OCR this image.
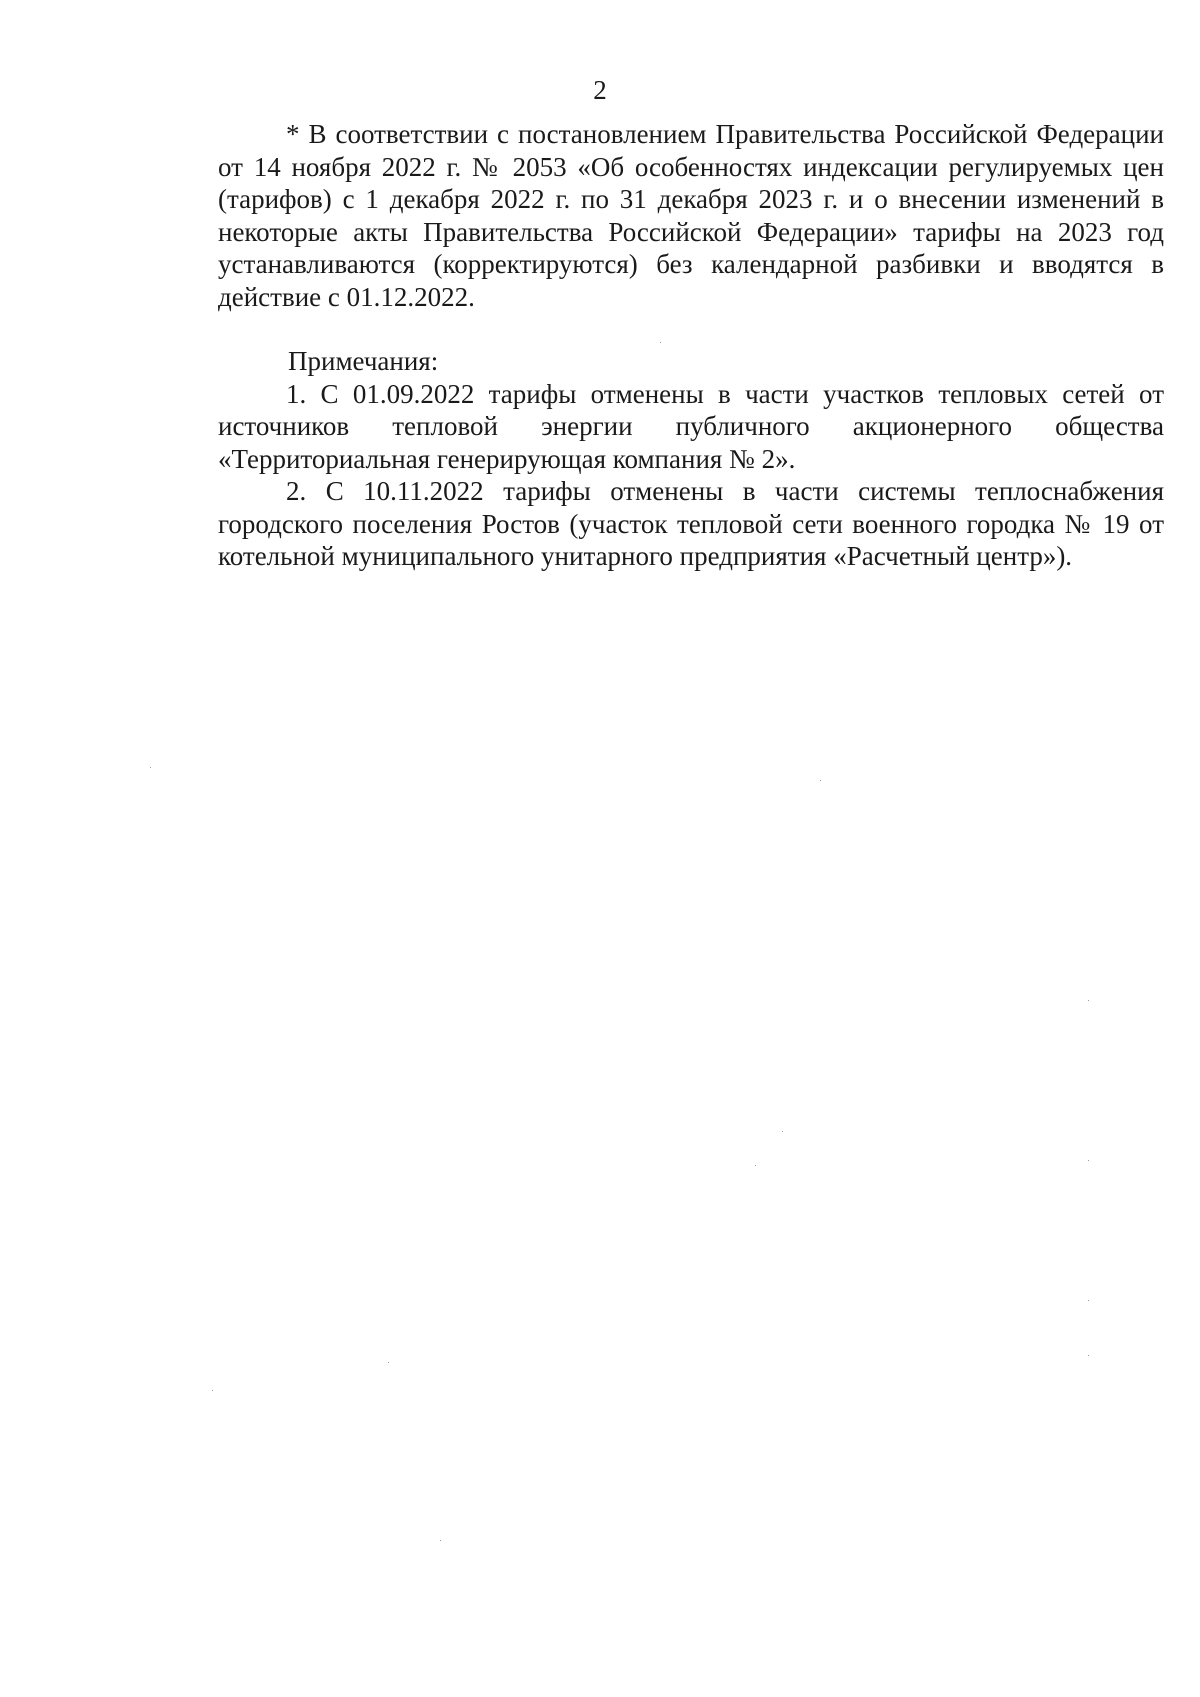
2

* В соответствии с постановлением Правительства Российской Федерации от 14 ноября 2022 г. № 2053 «Об особенностях индексации регулируемых цен (тарифов) с 1 декабря 2022 г. по 31 декабря 2023 г. и о внесении изменений в некоторые акты Правительства Российской Федерации» тарифы на 2023 год устанавливаются (корректируются) без календарной разбивки и вводятся в действие с 01.12.2022.

Примечания:

1. С 01.09.2022 тарифы отменены в части участков тепловых сетей от источников тепловой энергии публичного акционерного общества «Территориальная генерирующая компания № 2».

2. С 10.11.2022 тарифы отменены в части системы теплоснабжения городского поселения Ростов (участок тепловой сети военного городка № 19 от котельной муниципального унитарного предприятия «Расчетный центр»).
